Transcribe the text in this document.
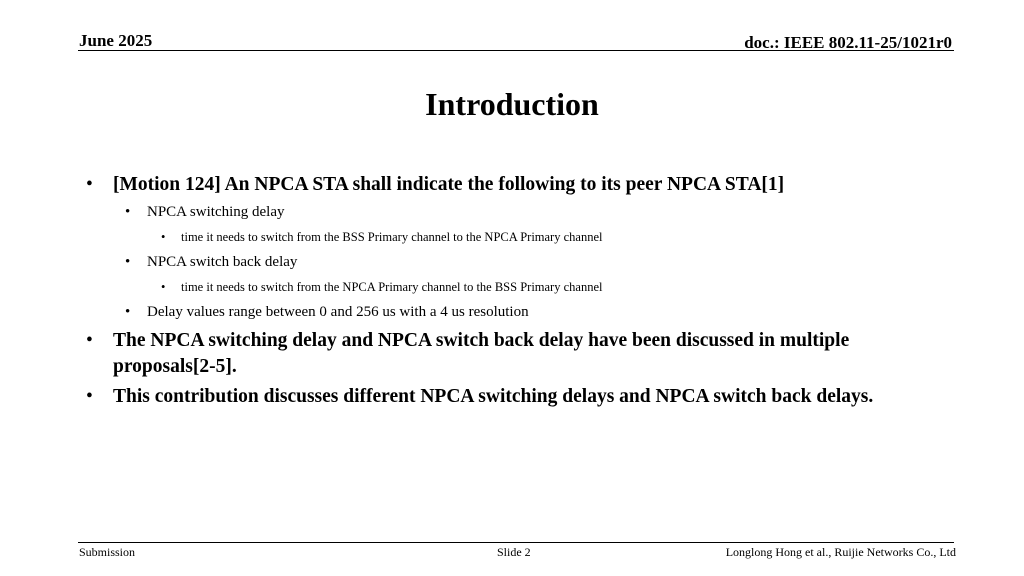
June 2025	doc.: IEEE 802.11-25/1021r0
Introduction
• [Motion 124] An NPCA STA shall indicate the following to its peer NPCA STA[1]
• NPCA switching delay
• time it needs to switch from the BSS Primary channel to the NPCA Primary channel
• NPCA switch back delay
• time it needs to switch from the NPCA Primary channel to the BSS Primary channel
• Delay values range between 0 and 256 us with a 4 us resolution
• The NPCA switching delay and NPCA switch back delay have been discussed in multiple proposals[2-5].
• This contribution discusses different NPCA switching delays and NPCA switch back delays.
Submission	Slide 2	Longlong Hong et al., Ruijie Networks Co., Ltd
